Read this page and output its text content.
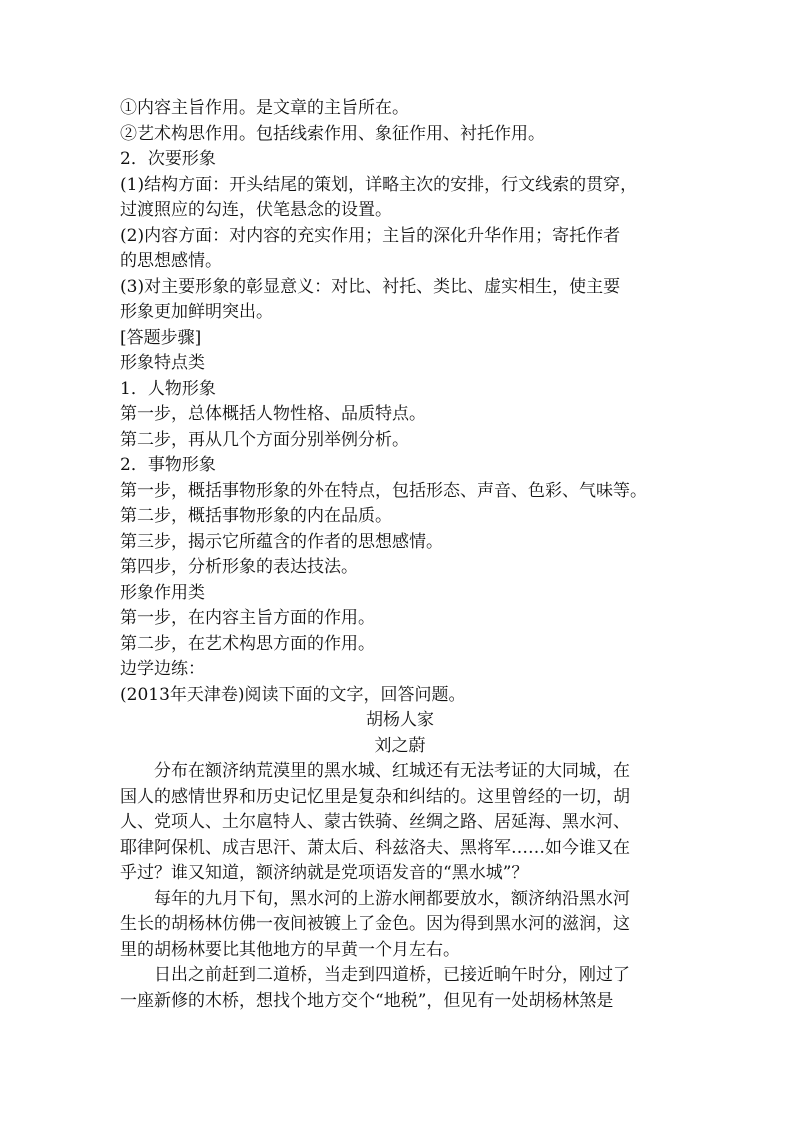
①内容主旨作用。是文章的主旨所在。
②艺术构思作用。包括线索作用、象征作用、衬托作用。
2．次要形象
(1)结构方面：开头结尾的策划，详略主次的安排，行文线索的贯穿，
过渡照应的勾连，伏笔悬念的设置。
(2)内容方面：对内容的充实作用；主旨的深化升华作用；寄托作者
的思想感情。
(3)对主要形象的彰显意义：对比、衬托、类比、虚实相生，使主要
形象更加鲜明突出。
[答题步骤]
形象特点类
1．人物形象
第一步，总体概括人物性格、品质特点。
第二步，再从几个方面分别举例分析。
2．事物形象
第一步，概括事物形象的外在特点，包括形态、声音、色彩、气味等。
第二步，概括事物形象的内在品质。
第三步，揭示它所蕴含的作者的思想感情。
第四步，分析形象的表达技法。
形象作用类
第一步，在内容主旨方面的作用。
第二步，在艺术构思方面的作用。
边学边练：
(2013年天津卷)阅读下面的文字，回答问题。
胡杨人家
刘之蔚
分布在额济纳荒漠里的黑水城、红城还有无法考证的大同城，在
国人的感情世界和历史记忆里是复杂和纠结的。这里曾经的一切，胡
人、党项人、土尔扈特人、蒙古铁骑、丝绸之路、居延海、黑水河、
耶律阿保机、成吉思汗、萧太后、科兹洛夫、黑将军……如今谁又在
乎过？谁又知道，额济纳就是党项语发音的“黑水城”？
每年的九月下旬，黑水河的上游水闸都要放水，额济纳沿黑水河
生长的胡杨林仿佛一夜间被镀上了金色。因为得到黑水河的滋润，这
里的胡杨林要比其他地方的早黄一个月左右。
日出之前赶到二道桥，当走到四道桥，已接近晌午时分，刚过了
一座新修的木桥，想找个地方交个“地税”，但见有一处胡杨林煞是
